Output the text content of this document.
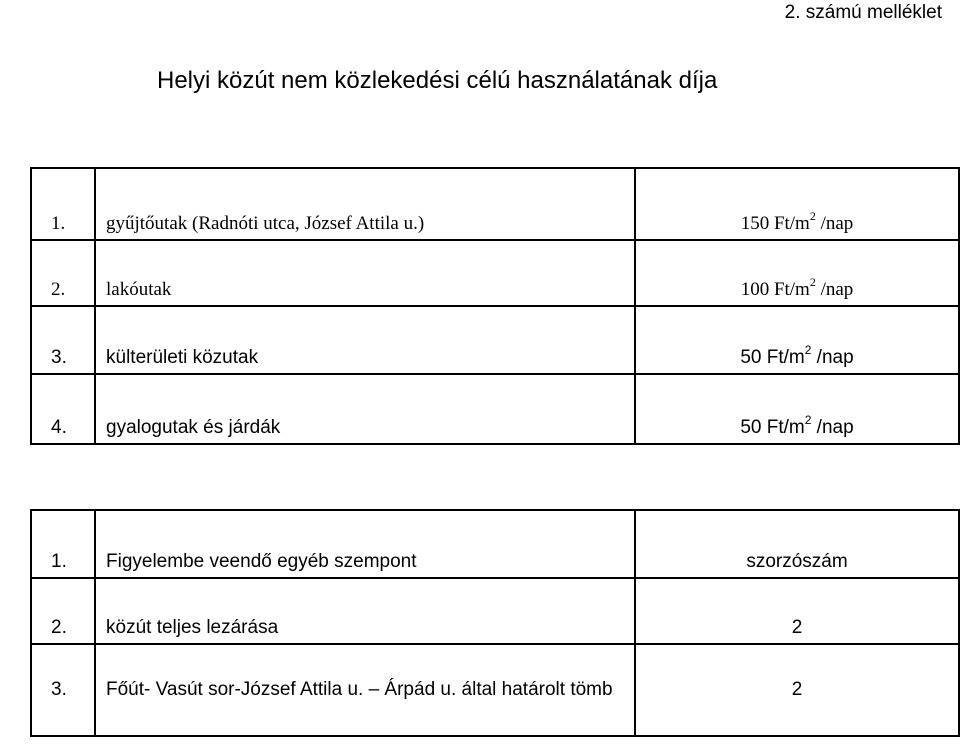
2. számú melléklet
Helyi közút nem közlekedési célú használatának díja
1.	gyűjtőutak (Radnóti utca, József Attila u.)	150 $Ft/m^2$ /nap
2.	lakóutak	100 $Ft/m^2$ /nap
3.	külterületi közutak	50 $Ft/m^2$ /nap
4.	gyalogutak és járdák	50 $Ft/m^2$ /nap
1.	Figyelembe veendő egyéb szempont	szorzószám
2.	közút teljes lezárása	2
3.	Főút- Vasút sor-József Attila u. – Árpád u. által határolt tömb	2
